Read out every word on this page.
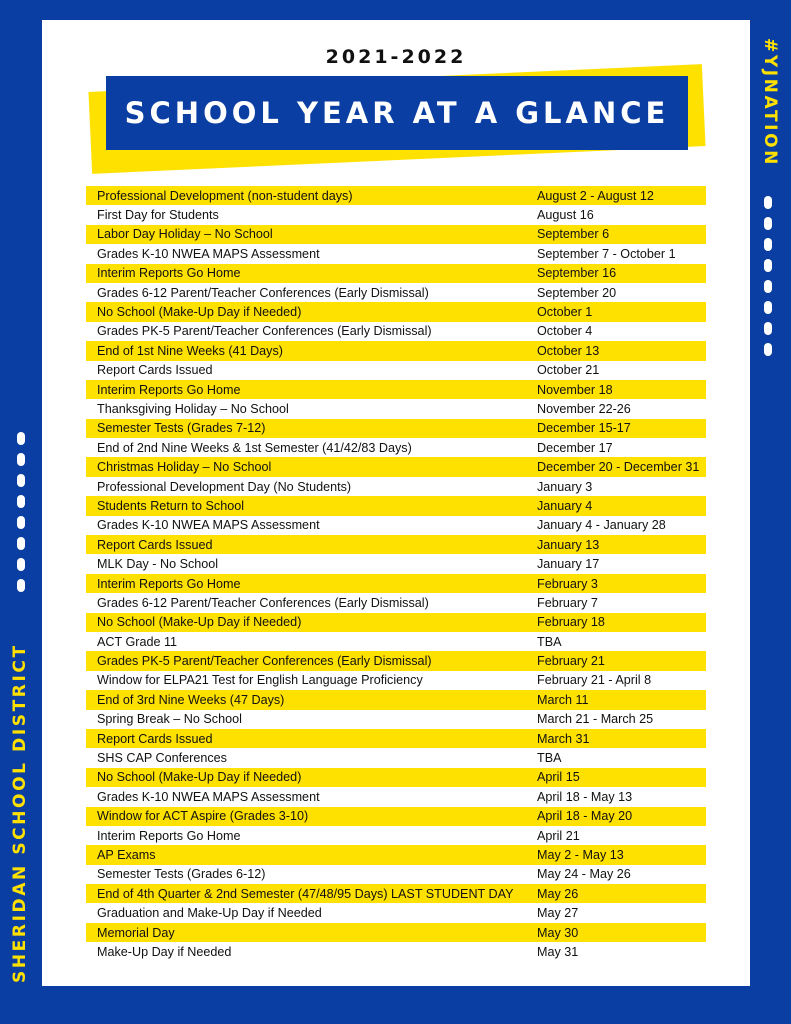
2021-2022
SCHOOL YEAR AT A GLANCE
Professional Development (non-student days)	August 2 - August 12
First Day for Students	August 16
Labor Day Holiday – No School	September 6
Grades K-10 NWEA MAPS Assessment	September 7 - October 1
Interim Reports Go Home	September 16
Grades 6-12 Parent/Teacher Conferences (Early Dismissal)	September 20
No School (Make-Up Day if Needed)	October 1
Grades PK-5 Parent/Teacher Conferences (Early Dismissal)	October 4
End of 1st Nine Weeks (41 Days)	October 13
Report Cards Issued	October 21
Interim Reports Go Home	November 18
Thanksgiving Holiday – No School	November 22-26
Semester Tests (Grades 7-12)	December 15-17
End of 2nd Nine Weeks & 1st Semester (41/42/83 Days)	December 17
Christmas Holiday – No School	December 20 - December 31
Professional Development Day (No Students)	January 3
Students Return to School	January 4
Grades K-10 NWEA MAPS Assessment	January 4 - January 28
Report Cards Issued	January 13
MLK Day - No School	January 17
Interim Reports Go Home	February 3
Grades 6-12 Parent/Teacher Conferences (Early Dismissal)	February 7
No School (Make-Up Day if Needed)	February 18
ACT Grade 11	TBA
Grades PK-5 Parent/Teacher Conferences (Early Dismissal)	February 21
Window for ELPA21 Test for English Language Proficiency	February 21 - April 8
End of 3rd Nine Weeks (47 Days)	March 11
Spring Break – No School	March 21 - March 25
Report Cards Issued	March 31
SHS CAP Conferences	TBA
No School (Make-Up Day if Needed)	April 15
Grades K-10 NWEA MAPS Assessment	April 18 - May 13
Window for ACT Aspire (Grades 3-10)	April 18 - May 20
Interim Reports Go Home	April 21
AP Exams	May 2 - May 13
Semester Tests (Grades 6-12)	May 24 - May 26
End of 4th Quarter & 2nd Semester (47/48/95 Days) LAST STUDENT DAY	May 26
Graduation and Make-Up Day if Needed	May 27
Memorial Day	May 30
Make-Up Day if Needed	May 31
SHERIDAN SCHOOL DISTRICT
#YJNATION
